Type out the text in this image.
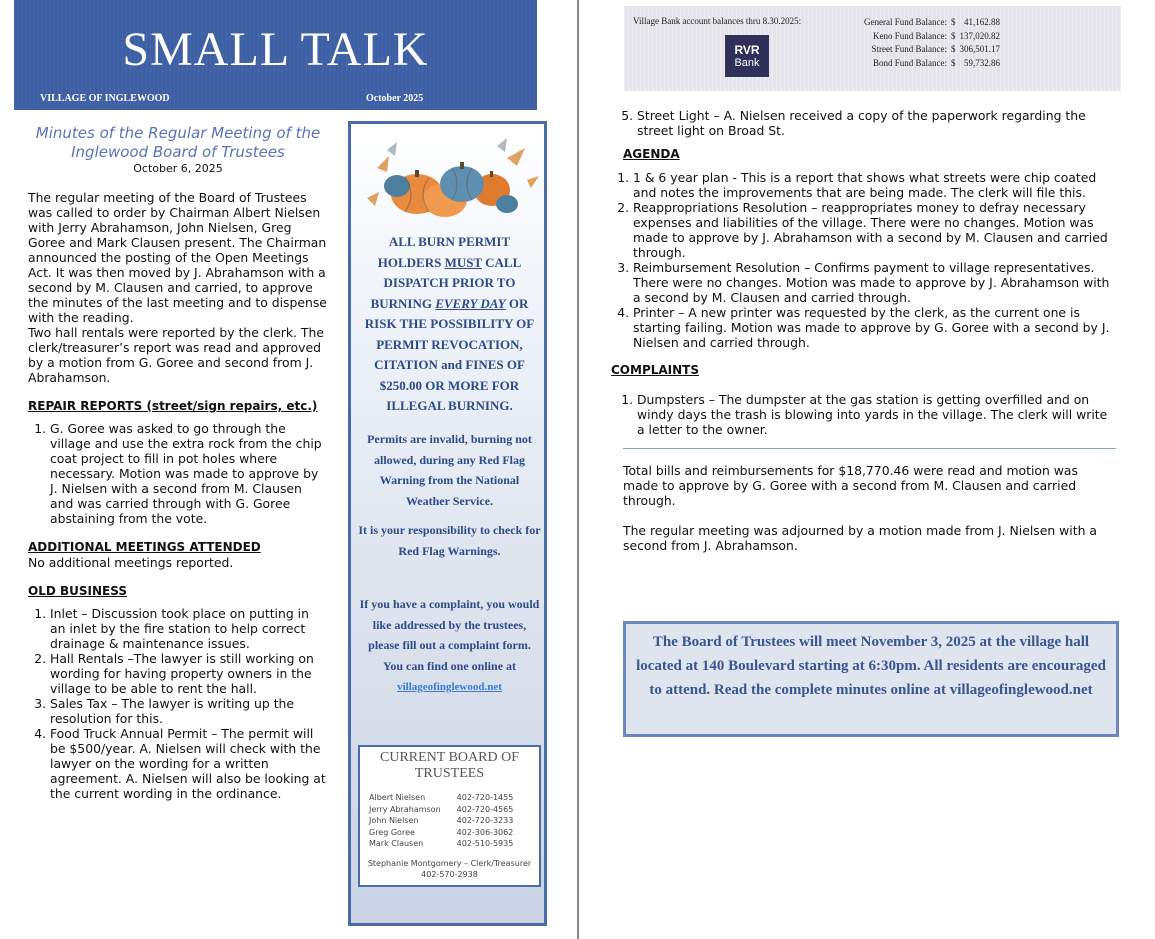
SMALL TALK
VILLAGE OF INGLEWOOD	October 2025
Minutes of the Regular Meeting of the Inglewood Board of Trustees
October 6, 2025

The regular meeting of the Board of Trustees was called to order by Chairman Albert Nielsen with Jerry Abrahamson, John Nielsen, Greg Goree and Mark Clausen present. The Chairman announced the posting of the Open Meetings Act. It was then moved by J. Abrahamson with a second by M. Clausen and carried, to approve the minutes of the last meeting and to dispense with the reading.

Two hall rentals were reported by the clerk. The clerk/treasurer’s report was read and approved by a motion from G. Goree and second from J. Abrahamson.

REPAIR REPORTS (street/sign repairs, etc.)
1. G. Goree was asked to go through the village and use the extra rock from the chip coat project to fill in pot holes where necessary. Motion was made to approve by J. Nielsen with a second from M. Clausen and was carried through with G. Goree abstaining from the vote.
ADDITIONAL MEETINGS ATTENDED
No additional meetings reported.
OLD BUSINESS
1. Inlet – Discussion took place on putting in an inlet by the fire station to help correct drainage & maintenance issues.
2. Hall Rentals –The lawyer is still working on wording for having property owners in the village to be able to rent the hall.
3. Sales Tax – The lawyer is writing up the resolution for this.
4. Food Truck Annual Permit – The permit will be $500/year. A. Nielsen will check with the lawyer on the wording for a written agreement. A. Nielsen will also be looking at the current wording in the ordinance.
ALL BURN PERMIT HOLDERS MUST CALL DISPATCH PRIOR TO BURNING EVERY DAY OR RISK THE POSSIBILITY OF PERMIT REVOCATION, CITATION and FINES OF $250.00 OR MORE FOR ILLEGAL BURNING.
Permits are invalid, burning not allowed, during any Red Flag Warning from the National Weather Service.
It is your responsibility to check for Red Flag Warnings.
If you have a complaint, you would like addressed by the trustees, please fill out a complaint form. You can find one online at
villageofinglewood.net
CURRENT BOARD OF TRUSTEES
Albert Nielsen	402-720-1455
Jerry Abrahamson	402-720-4565
John Nielsen	402-720-3233
Greg Goree	402-306-3062
Mark Clausen	402-510-5935
Stephanie Montgomery – Clerk/Treasurer
402-570-2938
Village Bank account balances thru 8.30.2025:
RVR
Bank
General Fund Balance:	$	41,162.88
Keno Fund Balance:	$	137,020.82
Street Fund Balance:	$	306,501.17
Bond Fund Balance:	$	59,732.86
5. Street Light – A. Nielsen received a copy of the paperwork regarding the street light on Broad St.
AGENDA
1. 1 & 6 year plan - This is a report that shows what streets were chip coated and notes the improvements that are being made. The clerk will file this.
2. Reappropriations Resolution – reappropriates money to defray necessary expenses and liabilities of the village. There were no changes. Motion was made to approve by J. Abrahamson with a second by M. Clausen and carried through.
3. Reimbursement Resolution – Confirms payment to village representatives. There were no changes. Motion was made to approve by J. Abrahamson with a second by M. Clausen and carried through.
4. Printer – A new printer was requested by the clerk, as the current one is starting failing. Motion was made to approve by G. Goree with a second by J. Nielsen and carried through.
COMPLAINTS
1. Dumpsters – The dumpster at the gas station is getting overfilled and on windy days the trash is blowing into yards in the village. The clerk will write a letter to the owner.

Total bills and reimbursements for $18,770.46 were read and motion was made to approve by G. Goree with a second from M. Clausen and carried through.

The regular meeting was adjourned by a motion made from J. Nielsen with a second from J. Abrahamson.

The Board of Trustees will meet November 3, 2025 at the village hall located at 140 Boulevard starting at 6:30pm. All residents are encouraged to attend. Read the complete minutes online at villageofinglewood.net
